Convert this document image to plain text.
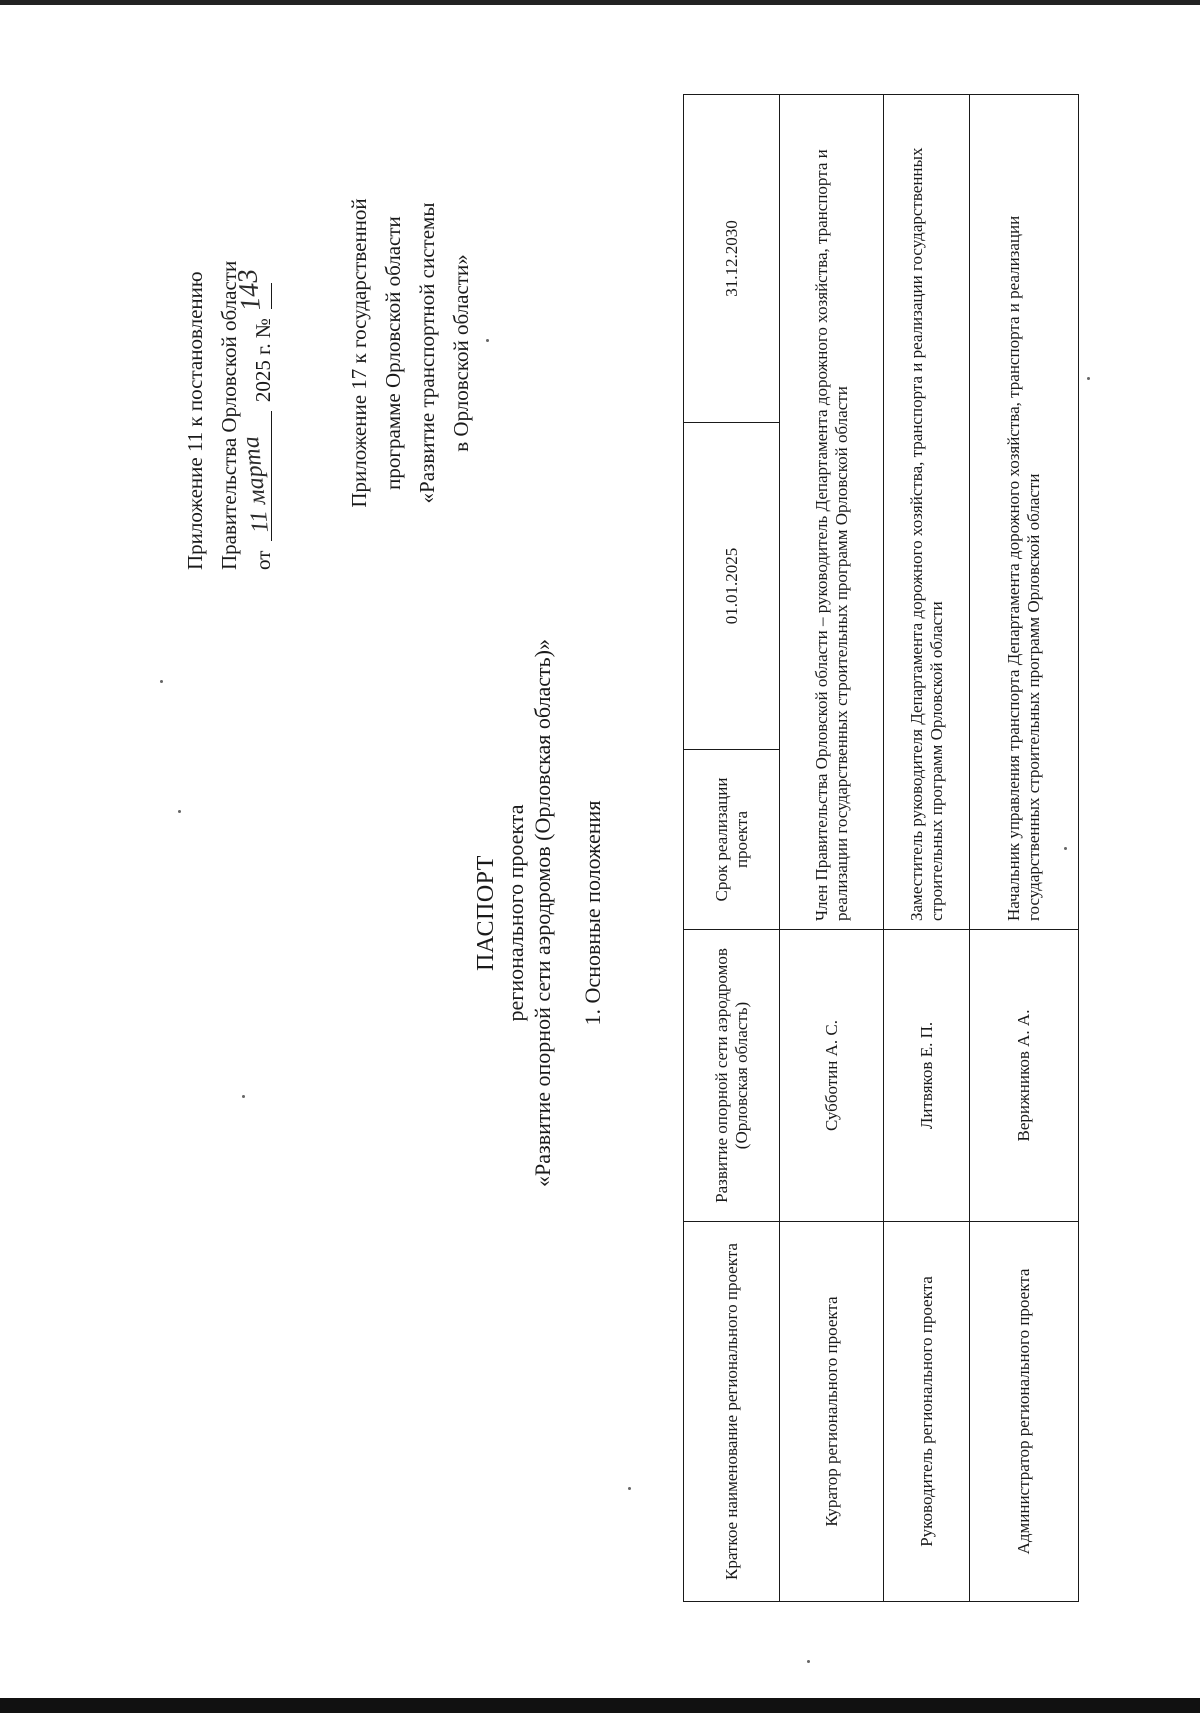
Приложение 11 к постановлению Правительства Орловской области от
11 марта
2025 г. №
143	Приложение 17 к государственной программе Орловской области «Развитие транспортной системы в Орловской области»
ПАСПОРТ регионального проекта «Развитие опорной сети аэродромов (Орловская область)» 1. Основные положения
Краткое наименование регионального проекта	Развитие опорной сети аэродромов (Орловская область)	Срок реализации проекта	01.01.2025	31.12.2030
Куратор регионального проекта	Субботин А. С.	Член Правительства Орловской области – руководитель Департамента дорожного хозяйства, транспорта и реализации государственных строительных программ Орловской области		
Руководитель регионального проекта	Литвяков Е. П.	Заместитель руководителя Департамента дорожного хозяйства, транспорта и реализации государственных строительных программ Орловской области		
Администратор регионального проекта	Верижников А. А.	Начальник управления транспорта Департамента дорожного хозяйства, транспорта и реализации государственных строительных программ Орловской области		
